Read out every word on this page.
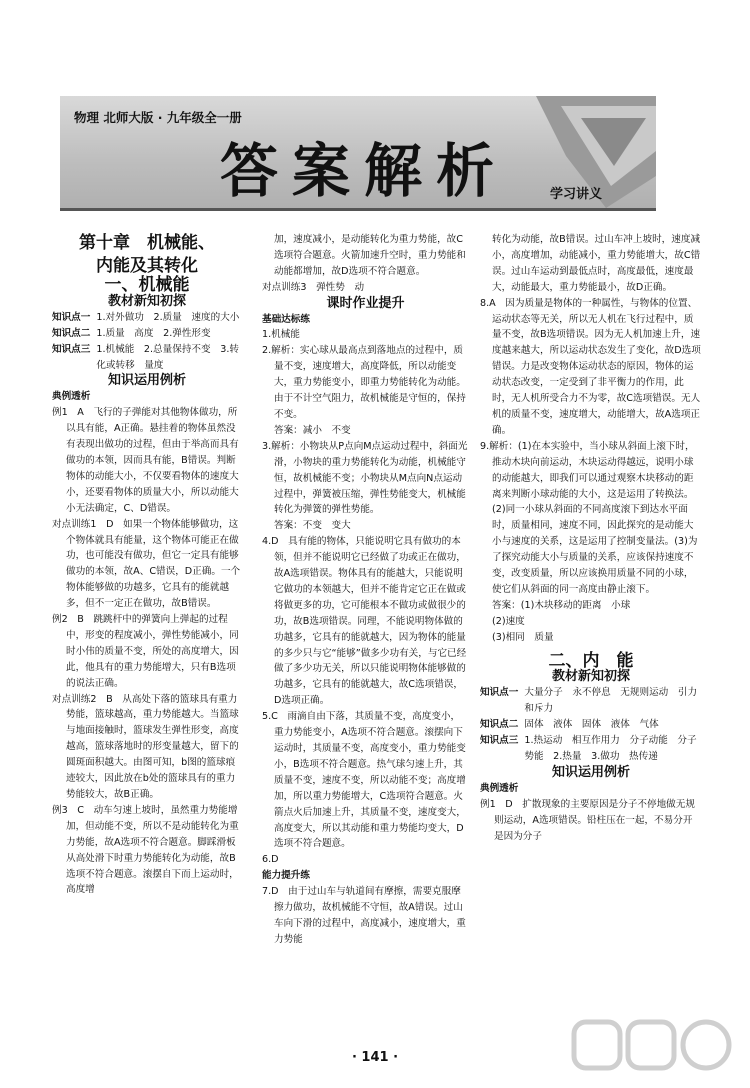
物理 北师大版 · 九年级全一册
答案解析	学习讲义

第十章　机械能、

内能及其转化

一、机械能

教材新知初探

知识点一 1.对外做功　2.质量　速度的大小
知识点二 1.质量　高度　2.弹性形变
知识点三 1.机械能　2.总量保持不变　3.转化或转移　量度

知识运用例析

典例透析

例1　A　飞行的子弹能对其他物体做功，所以具有能，A正确。悬挂着的物体虽然没有表现出做功的过程，但由于举高而具有做功的本领，因而具有能，B错误。判断物体的动能大小，不仅要看物体的速度大小，还要看物体的质量大小，所以动能大小无法确定，C、D错误。

对点训练1　D　如果一个物体能够做功，这个物体就具有能量，这个物体可能正在做功，也可能没有做功，但它一定具有能够做功的本领，故A、C错误，D正确。一个物体能够做的功越多，它具有的能就越多，但不一定正在做功，故B错误。

例2　B　跳跳杆中的弹簧向上弹起的过程中，形变的程度减小，弹性势能减小，同时小伟的质量不变，所处的高度增大，因此，他具有的重力势能增大，只有B选项的说法正确。

对点训练2　B　从高处下落的篮球具有重力势能，篮球越高，重力势能越大。当篮球与地面接触时，篮球发生弹性形变，高度越高，篮球落地时的形变量越大，留下的圆斑面积越大。由图可知，b图的篮球痕迹较大，因此放在b处的篮球具有的重力势能较大，故B正确。

例3　C　动车匀速上坡时，虽然重力势能增加，但动能不变，所以不是动能转化为重力势能，故A选项不符合题意。脚踩滑板从高处滑下时重力势能转化为动能，故B选项不符合题意。滚摆自下而上运动时，高度增

加，速度减小，是动能转化为重力势能，故C选项符合题意。火箭加速升空时，重力势能和动能都增加，故D选项不符合题意。

对点训练3　弹性势　动

课时作业提升

基础达标练

1.机械能

2.解析：实心球从最高点到落地点的过程中，质量不变，速度增大，高度降低，所以动能变大，重力势能变小，即重力势能转化为动能。由于不计空气阻力，故机械能是守恒的，保持不变。

答案：减小　不变

3.解析：小物块从P点向M点运动过程中，斜面光滑，小物块的重力势能转化为动能，机械能守恒，故机械能不变；小物块从M点向N点运动过程中，弹簧被压缩，弹性势能变大，机械能转化为弹簧的弹性势能。

答案：不变　变大

4.D　具有能的物体，只能说明它具有做功的本领，但并不能说明它已经做了功或正在做功，故A选项错误。物体具有的能越大，只能说明它做功的本领越大，但并不能肯定它正在做或将做更多的功，它可能根本不做功或做很少的功，故B选项错误。同理，不能说明物体做的功越多，它具有的能就越大，因为物体的能量的多少只与它“能够”做多少功有关，与它已经做了多少功无关，所以只能说明物体能够做的功越多，它具有的能就越大，故C选项错误，D选项正确。

5.C　雨滴自由下落，其质量不变，高度变小，重力势能变小，A选项不符合题意。滚摆向下运动时，其质量不变，高度变小，重力势能变小，B选项不符合题意。热气球匀速上升，其质量不变，速度不变，所以动能不变；高度增加，所以重力势能增大，C选项符合题意。火箭点火后加速上升，其质量不变，速度变大，高度变大，所以其动能和重力势能均变大，D选项不符合题意。

6.D

能力提升练

7.D　由于过山车与轨道间有摩擦，需要克服摩擦力做功，故机械能不守恒，故A错误。过山车向下滑的过程中，高度减小，速度增大，重力势能

转化为动能，故B错误。过山车冲上坡时，速度减小，高度增加，动能减小，重力势能增大，故C错误。过山车运动到最低点时，高度最低，速度最大，动能最大，重力势能最小，故D正确。

8.A　因为质量是物体的一种属性，与物体的位置、运动状态等无关，所以无人机在飞行过程中，质量不变，故B选项错误。因为无人机加速上升，速度越来越大，所以运动状态发生了变化，故D选项错误。力是改变物体运动状态的原因，物体的运动状态改变，一定受到了非平衡力的作用，此时，无人机所受合力不为零，故C选项错误。无人机的质量不变，速度增大，动能增大，故A选项正确。

9.解析：(1)在本实验中，当小球从斜面上滚下时，推动木块向前运动，木块运动得越远，说明小球的动能越大，即我们可以通过观察木块移动的距离来判断小球动能的大小，这是运用了转换法。(2)同一小球从斜面的不同高度滚下到达水平面时，质量相同，速度不同，因此探究的是动能大小与速度的关系，这是运用了控制变量法。(3)为了探究动能大小与质量的关系，应该保持速度不变，改变质量，所以应该换用质量不同的小球，使它们从斜面的同一高度由静止滚下。

答案：(1)木块移动的距离　小球

(2)速度

(3)相同　质量

二、内　能

教材新知初探

知识点一 大量分子　永不停息　无规则运动　引力和斥力
知识点二 固体　液体　固体　液体　气体
知识点三 1.热运动　相互作用力　分子动能　分子势能　2.热量　3.做功　热传递

知识运用例析

典例透析

例1　D　扩散现象的主要原因是分子不停地做无规则运动，A选项错误。铅柱压在一起，不易分开是因为分子

· 141 ·
